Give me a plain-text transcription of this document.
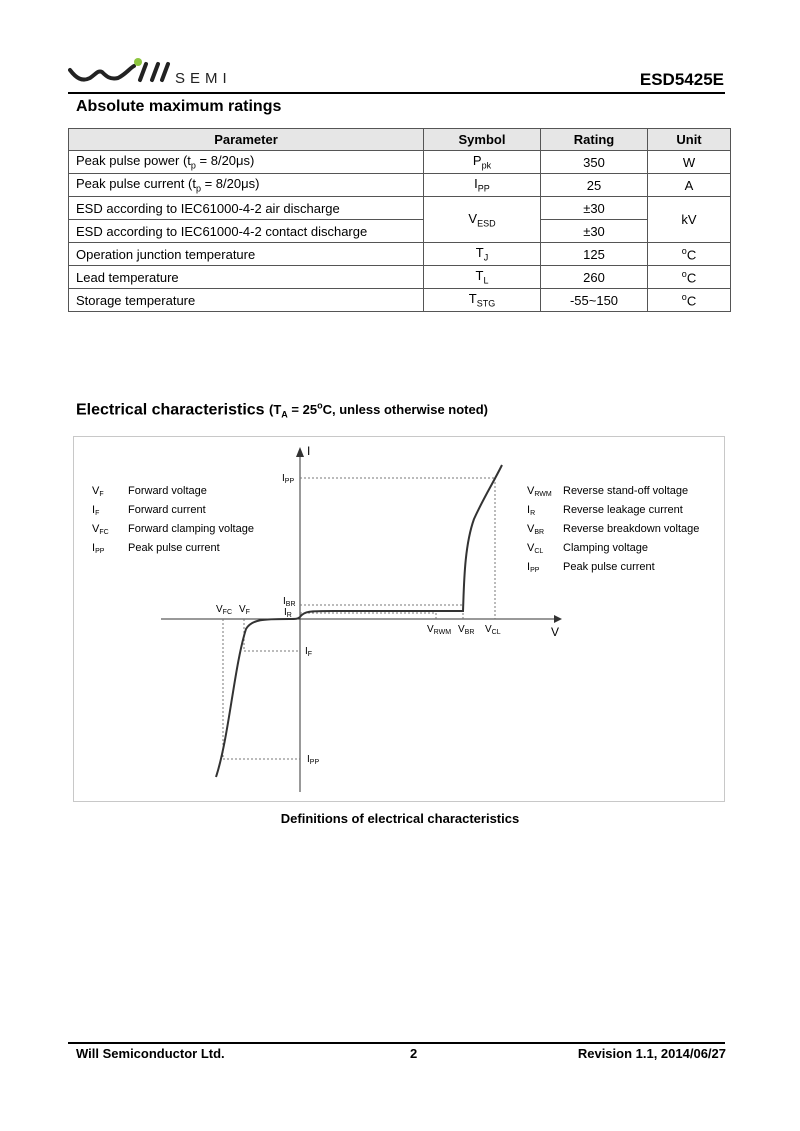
SEMI	ESD5425E
Absolute maximum ratings
Parameter	Symbol	Rating	Unit
Peak pulse power $(t_p = 8/20\mu s)$	$P_{pk}$	350	W
Peak pulse current $(t_p = 8/20\mu s)$	$I_{PP}$	25	A
ESD according to IEC61000-4-2 air discharge	$V_{ESD}$	±30	kV
ESD according to IEC61000-4-2 contact discharge		±30	
Operation junction temperature	$T_J$	125	$^o$C
Lead temperature	$T_L$	260	$^o$C
Storage temperature	$T_{STG}$	-55~150	$^o$C
Electrical characteristics ($T_A = 25^oC$, unless otherwise noted)
I
V
VF Forward voltage
IF	Forward current
VFC Forward clamping voltage
IPP Peak pulse current
VRWM Reverse stand-off voltage
IR	Reverse leakage current
VBR Reverse breakdown voltage
VCL Clamping voltage
IPP Peak pulse current
$I_{PP}$
$I_{BR}$
$I_R$
$V_{FC}$ $V_F$
$V_{RWM}$ $V_{BR}$ $V_{CL}$
$I_F$
$I_{PP}$
Definitions of electrical characteristics
Will Semiconductor Ltd.	2	Revision 1.1, 2014/06/27
